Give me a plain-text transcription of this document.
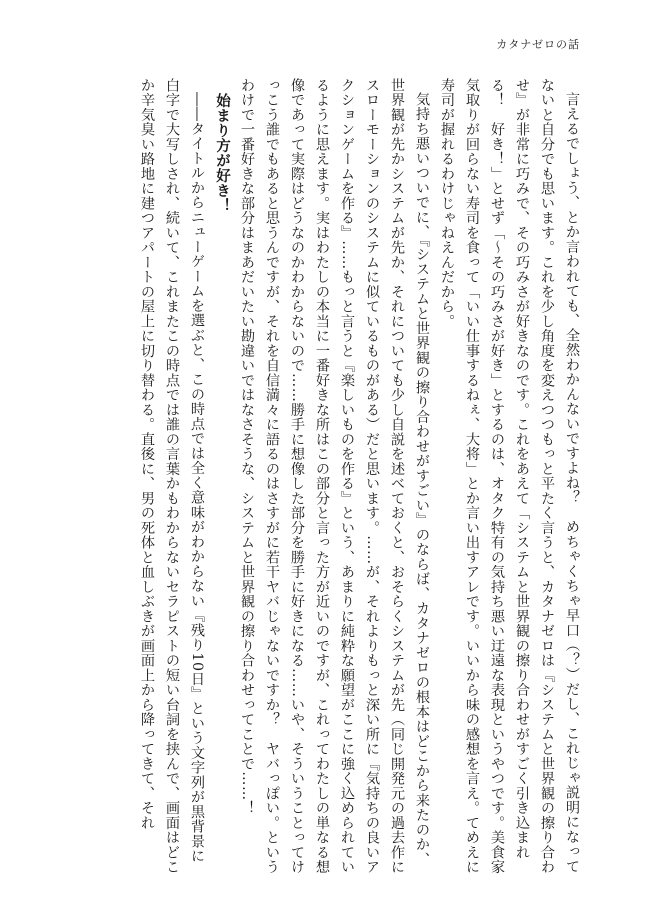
カタナゼロの話

言えるでしょう、とか言われても、全然わかんないですよね？　めちゃくちゃ早口（？）だし、これじゃ説明になってないと自分でも思います。これを少し角度を変えつつもっと平たく言うと、カタナゼロは『システムと世界観の擦り合わせ』が非常に巧みで、その巧みさが好きなのです。これをあえて「システムと世界観の擦り合わせがすごく引き込まれる！　好き！」とせず「〜その巧みさが好き」とするのは、オタク特有の気持ち悪い迂遠な表現というやつです。美食家気取りが回らない寿司を食って「いい仕事するねぇ、大将」とか言い出すアレです。いいから味の感想を言え。てめえに寿司が握れるわけじゃねえんだから。

気持ち悪いついでに、『システムと世界観の擦り合わせがすごい』のならば、カタナゼロの根本はどこから来たのか、世界観が先かシステムが先か、それについても少し自説を述べておくと、おそらくシステムが先（同じ開発元の過去作にスローモーションのシステムに似ているものがある）だと思います。……が、それよりもっと深い所に『気持ちの良いアクションゲームを作る』……もっと言うと『楽しいものを作る』という、あまりに純粋な願望がここに強く込められているように思えます。実はわたしの本当に一番好きな所はこの部分と言った方が近いのですが、これってわたしの単なる想像であって実際はどうなのかわからないので……勝手に想像した部分を勝手に好きになる……いや、そういうことってけっこう誰でもあると思うんですが、それを自信満々に語るのはさすがに若干ヤバじゃないですか？　ヤバっぽい。というわけで一番好きな部分はまあだいたい勘違いではなさそうな、システムと世界観の擦り合わせってことで……！

始まり方が好き！

――タイトルからニューゲームを選ぶと、この時点では全く意味がわからない『残り10日』という文字列が黒背景に白字で大写しされ、続いて、これまたこの時点では誰の言葉かもわからないセラピストの短い台詞を挟んで、画面はどこか辛気臭い路地に建つアパートの屋上に切り替わる。直後に、男の死体と血しぶきが画面上から降ってきて、それ
